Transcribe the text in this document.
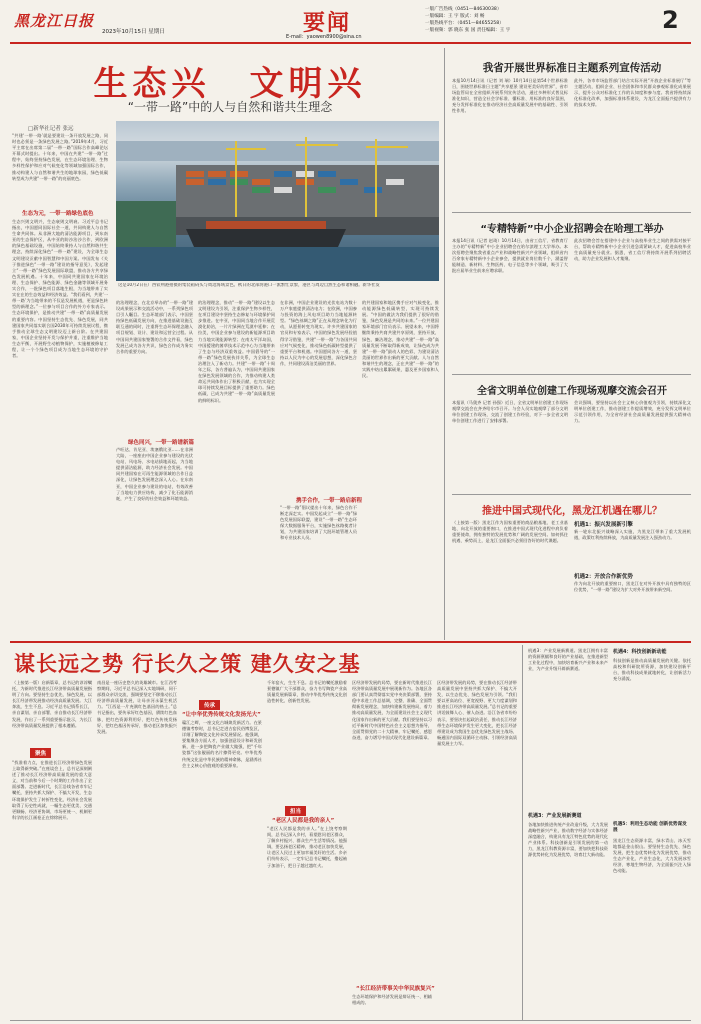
黑龙江日报
2023年10月15日 星期日	要闻
E-mail：yaowen8900@sina.cn
一版广告热线（0451—84630038）
一版编辑：王 宇 版式：刘 畅
一版热线平台：（0451—84655258）
一版视频：郭 晓东 张 国 责任编辑：王 宇	2
生态兴　文明兴
“一带一路”中的人与自然和谐共生理念
□新华社记者 张远
“共建‘一带一路’就是要建设一条开放发展之路，同时也必须是一条绿色发展之路。”2019年4月，习近平主席在出席第二届“一带一路”国际合作高峰论坛开幕式时提出。十年来，中国在共建“一带一路”过程中，始终坚持绿色发展，在生态环境治理、生物多样性保护和应对气候变化等领域加强国际合作，推动构建人与自然和谐共生的地球家园，绿色低碳转型成为共建“一带一路”的亮丽底色。
生态为元，一带一路绿色底色
生态兴则文明兴，生态衰则文明衰。习近平总书记指出，中国愿同国际社会一道，共同构建人与自然生命共同体。从非洲大地的清洁能源项目，到东南亚的生态保护区，从中亚的防沙治沙合作，到欧洲的绿色基础设施，中国始终秉持人与自然和谐共生理念，持续深化绿色“一带一路”建设，为全球生态文明建设贡献中国智慧和中国方案。中国发布《关于推进绿色“一带一路”建设的指导意见》，发起建立“一带一路”绿色发展国际联盟，推动各方共享绿色发展机遇。十年来，中国同共建国家在环境治理、生态保护、绿色能源、绿色金融等领域开展务实合作，一批绿色项目落地生根，为当地带来了实实在在的生态效益和经济效益。“我们看到，共建‘一带一路’为当地带来的不仅是发展机遇，更是绿色转型的新理念。”一位参与项目合作的外方专家表示。生态环境保护，是推动共建“一带一路”高质量发展的重要内容。中国坚持生态优先、绿色发展，同共建国家共同落实联合国2030年可持续发展议程，携手推动全球生态文明建设迈上新台阶。在共建国家，中国企业坚持开发与保护并重，注重维护当地生态平衡，开展野生动植物保护，实施植被修复工程，让一个个绿色项目成为当地生态环境的守护者。
这是10月2日在广西钦州港拍摄的集装箱码头与周边海域景色。秋日的北部湾港口一派繁忙景象，港区与周边自然生态和谐相融。新华社发
的治理理念，在北京举办的“一带一路”建设成果展示和交流活动中，一系列绿色项目引人瞩目。生态环境部门表示，中国坚持绿色低碳发展方向，在推进基础设施互联互通的同时，注重将生态环保理念融入项目规划、设计、建设和运营全过程。从中国同共建国家签署的合作文件看，绿色发展已成为各方共识，绿色合作成为务实合作的重要方向。
绿色同兴，一带一路谱新篇
卢旺达、肯尼亚、埃塞俄比亚……在非洲大陆，一座座由中国企业参与建设的光伏电站、风电场、水电站拔地而起，为当地提供清洁能源，助力经济社会发展。中国同共建国家在可再生能源领域的合作日益深化，让绿色发展理念深入人心。在东南亚，中国企业参与建设的电站，有效改善了当地电力供应结构，减少了化石能源消耗，产生了良好的社会效益和环境效益。
的治理理念，推动“一带一路”建设以生态文明建设为引领，注重保护生物多样性，在项目建设中坚持生态修复与环境保护同步推进。在中亚，中国同当地合作开展荒漠化防治，一片片绿洲在荒漠中延伸；在拉美，中国企业参与建设的新能源项目助力当地实现能源转型；在南太平洋岛国，中国援建的菌草技术示范中心为当地带来了生态与经济双重效益。中国倡导的“一带一路”绿色发展伙伴关系，为全球生态治理注入了新动力。共建“一带一路”十周年之际，各方普遍认为，中国同共建国家在绿色发展领域的合作，为推动构建人类命运共同体作出了积极贡献，也为实现全球可持续发展目标提供了重要助力。绿色低碳，已成为共建“一带一路”高质量发展的鲜明标识。
在非洲，中国企业建设的光伏电站为数十万户家庭提供清洁电力；在欧洲，中国参与投资的海上风电项目助力当地能源转型。“绿色丝绸之路”正在从理念转化为行动，从愿景转变为现实。许多共建国家的官员和专家表示，中国的绿色发展经验值得学习借鉴，共建“一带一路”为各国共同应对气候变化、推动绿色低碳转型提供了重要平台和机遇。中国愿同各方一道，坚持以人民为中心的发展思想，深化绿色合作，共同建设清洁美丽的世界。
携手合作，一带一路启新程
“一带一路”倡议提出十年来，绿色合作不断走深走实。中国发起成立“一带一路”绿色发展国际联盟，建设“一带一路”生态环保大数据服务平台，实施绿色丝路使者计划，为共建国家培训了大批环境管理人员和专业技术人员。
的共建国家和地区携手应对气候变化，推动能源绿色低碳转型，实现可持续发展。“中国的做法为我们提供了很好的借鉴，绿色发展是共同的未来。”一位共建国家环境部门官员表示。展望未来，中国将继续秉持共商共建共享原则，坚持开放、绿色、廉洁理念，推动共建“一带一路”高质量发展不断取得新成效，让绿色成为共建“一带一路”最动人的色彩，为建设清洁美丽的世界作出新的更大贡献。人与自然和谐共生的理念，正在共建“一带一路”的实践中结出累累硕果，惠及更多国家和人民。
我省开展世界标准日主题系列宣传活动
本报10月14日讯（记者 刘 瑞）10月14日是第54个世界标准日，围绕世界标准日主题“共享愿景 建设更美好的世界”，省市场监管局在全省组织开展系列宣传活动，通过多种形式普及标准化知识，营造全社会学标准、懂标准、用标准的良好氛围，充分发挥标准化在推动经济社会高质量发展中的基础性、引领性作用。
此外，各市市场监管部门结合实际开展“开放企业标准展厅”等主题活动，组织企业、社会团体和市民群众参观标准化成果展示，提升公众对标准化工作的认知度和参与度。我省将持续深化标准化改革，加强标准体系建设，为龙江全面振兴提供有力的技术支撑。
“专精特新”中小企业招聘会在哈理工举办
本报14日讯（记者 赵琦）10月14日，由省工信厅、省教育厅主办的“专精特新”中小企业招聘会在哈尔滨理工大学举办。本次招聘会聚焦我省重点产业和战略性新兴产业领域，组织省内百余家专精特新中小企业参会，提供就业岗位数千个，涵盖智能制造、新材料、生物医药、电子信息等多个领域，吸引了大批应届毕业生前来应聘求职。
此次招聘会旨在搭建中小企业与高校毕业生之间的供需对接平台，帮助专精特新中小企业引进急需紧缺人才，促进高校毕业生高质量充分就业。据悉，省工信厅将持续开展系列招聘活动，助力企业发展和人才集聚。
全省文明单位创建工作现场观摩交流会召开
本报讯（马奥齐 记者 孙强）近日，全省文明单位创建工作现场观摩交流会在齐齐哈尔市召开。与会人员实地观摩了部分文明单位创建工作现场，交流了创建工作经验，对下一步全省文明单位创建工作进行了安排部署。
会议强调，要坚持以社会主义核心价值观为引领，持续深化文明单位创建工作，推动创建工作提质增效，充分发挥文明单位示范引领作用，为全省经济社会高质量发展提供强大精神动力。
推进中国式现代化，黑龙江机遇在哪儿？
（上接第一版）黑龙江作为国家重要的商品粮基地、老工业基地、向北开放的重要窗口，在推进中国式现代化进程中肩负着重要使命，拥有独特的发展优势和广阔的发展空间。如何抓住机遇、乘势而上，是龙江全面振兴必须回答好的时代课题。
机遇1：振兴发展新引擎
新一轮东北振兴战略深入实施，为黑龙江带来了重大发展机遇，政策红利持续释放，为高质量发展注入强劲动力。
机遇2：开放合作新优势
作为向北开放的重要窗口，黑龙江在对外开放中具有独特的区位优势，“一带一路”建设为扩大对外开放带来新空间。
谋长远之势 行长久之策 建久安之基
（上接第一版）启新篇章，总书记的谆谆嘱托，为新时代推进长江经济带高质量发展指明了方向。要坚持生态优先、绿色发展，以长江经济带发展推动经济高质量发展。大江奔流，生生不息。习近平总书记情系长江，亲自谋划、亲自部署、亲自推动长江经济带发展，作出了一系列重要指示批示，为长江经济带高质量发展提供了根本遵循。
聚焦
“找准着力点，在推进长江经济带绿色发展上取得新突破。”在座谈会上，总书记深刻阐述了推动长江经济带高质量发展的重大意义，对当前和今后一个时期的工作作出了全面部署。走进新时代，长江沿线各省市牢记嘱托，坚持共抓大保护、不搞大开发，生态环境保护发生了转折性变化，经济社会发展取得了历史性成就，一幅生态更优美、交通更顺畅、经济更协调、市场更统一、机制更科学的长江画卷正在徐徐展开。
南昌是一座历史悠久的英雄城市。在江西考察期间，习近平总书记深入实地调研，同干部群众亲切交流，强调要坚定不移推动长江经济带高质量发展，让母亲河永葆生机活力。“江西是一片充满红色基因的热土。”总书记指出，要传承好红色基因，赓续红色血脉，把红色资源利用好、把红色传统发扬好、把红色基因传承好，推动老区加快振兴发展。
传承
“让中华优秀传统文化发扬光大”
赣江之畔，一座文化古城焕发新活力。在景德镇考察时，总书记走进古窑民俗博览区，详细了解陶瓷文化传承发展情况。他强调，要集聚各方面人才，加强创意设计和研发创新，进一步把陶瓷产业做大做强，把“千年瓷都”这张靓丽的名片擦得更亮。中华优秀传统文化是中华民族的精神命脉，是涵养社会主义核心价值观的重要源泉。
千年窑火，生生不息。总书记的嘱托激励着景德镇广大干部群众，奋力书写陶瓷产业高质量发展新篇章，推动中华优秀传统文化创造性转化、创新性发展。
担当
“老区人民都是我的亲人”
“老区人民都是我的亲人。”在上饶考察期间，总书记深入乡村，看望慰问老区群众，了解乡村振兴、群众生产生活等情况。他强调，要弘扬老区精神，推动老区加快发展，让老区人民过上更加幸福美好的生活。乡亲们纷纷表示，一定牢记总书记嘱托，撸起袖子加油干，把日子越过越红火。
区经济带发展的局势，要在新时代推进长江经济带高质量发展中展现新作为。各地区各部门要认真贯彻落实党中央决策部署，坚持稳中求进工作总基调，完整、准确、全面贯彻新发展理念，加快构建新发展格局，着力推动高质量发展，为全面建设社会主义现代化国家作出新的更大贡献。我们要坚持以习近平新时代中国特色社会主义思想为指导，全面贯彻党的二十大精神，牢记嘱托、感恩奋进，奋力谱写中国式现代化建设新篇章。
“长江经济带事关中华民族复兴”
生态环境保护和经济发展是辩证统一、相辅相成的。
区经济带发展的局势，要在推动长江经济带高质量发展中坚持共抓大保护、不搞大开发，以生态优先、绿色发展为引领。“我们要以更高站位、更宽视野、更大力度谋划和推进长江经济带高质量发展。”总书记的重要讲话鼓舞人心、催人奋进。沿江各省市纷纷表示，要坚决扛起政治责任，推动长江经济带生态环境保护发生更大变化，把长江经济带建设成为我国生态优先绿色发展主战场、畅通国内国际双循环主动脉、引领经济高质量发展主力军。
机遇3：产业发展新赛道。黑龙江拥有丰富的资源禀赋和良好的产业基础，在推进新型工业化过程中，加快培育新兴产业和未来产业，为产业升级开辟新赛道。
机遇3：产业发展新赛道
各地加快推进传统产业改造升级，大力发展战略性新兴产业，推动数字经济与实体经济深度融合，构建具有龙江特色优势的现代化产业体系。科技创新是引领发展的第一动力，黑龙江科教资源丰富，要加快把科技资源优势转化为发展优势，培育壮大新动能。
机遇4：科技创新新动能
科技创新是推动高质量发展的关键。依托高校和科研院所资源，加快建设创新平台，推动科技成果就地转化，让创新活力充分涌流。
机遇5：利用生态动能 创新优势谋发展
黑龙江生态资源丰富，绿水青山、冰天雪地都是金山银山。要坚持生态优先、绿色发展，把生态优势转化为发展优势，推动生态产业化、产业生态化，大力发展冰雪经济、寒地生物经济，为全面振兴注入绿色动能。
